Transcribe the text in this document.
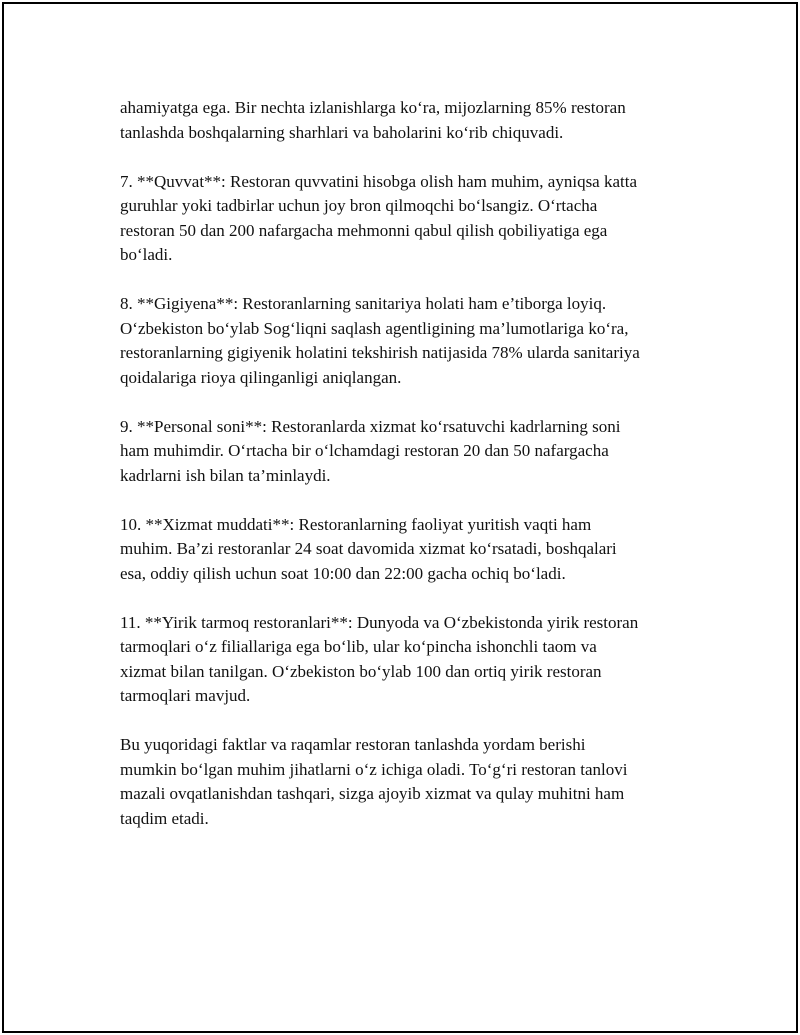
ahamiyatga ega. Bir nechta izlanishlarga ko‘ra, mijozlarning 85% restoran
tanlashda boshqalarning sharhlari va baholarini ko‘rib chiquvadi.

7. **Quvvat**: Restoran quvvatini hisobga olish ham muhim, ayniqsa katta
guruhlar yoki tadbirlar uchun joy bron qilmoqchi bo‘lsangiz. O‘rtacha
restoran 50 dan 200 nafargacha mehmonni qabul qilish qobiliyatiga ega
bo‘ladi.

8. **Gigiyena**: Restoranlarning sanitariya holati ham e’tiborga loyiq.
O‘zbekiston bo‘ylab Sog‘liqni saqlash agentligining ma’lumotlariga ko‘ra,
restoranlarning gigiyenik holatini tekshirish natijasida 78% ularda sanitariya
qoidalariga rioya qilinganligi aniqlangan.

9. **Personal soni**: Restoranlarda xizmat ko‘rsatuvchi kadrlarning soni
ham muhimdir. O‘rtacha bir o‘lchamdagi restoran 20 dan 50 nafargacha
kadrlarni ish bilan ta’minlaydi.

10. **Xizmat muddati**: Restoranlarning faoliyat yuritish vaqti ham
muhim. Ba’zi restoranlar 24 soat davomida xizmat ko‘rsatadi, boshqalari
esa, oddiy qilish uchun soat 10:00 dan 22:00 gacha ochiq bo‘ladi.

11. **Yirik tarmoq restoranlari**: Dunyoda va O‘zbekistonda yirik restoran
tarmoqlari o‘z filiallariga ega bo‘lib, ular ko‘pincha ishonchli taom va
xizmat bilan tanilgan. O‘zbekiston bo‘ylab 100 dan ortiq yirik restoran
tarmoqlari mavjud.

Bu yuqoridagi faktlar va raqamlar restoran tanlashda yordam berishi
mumkin bo‘lgan muhim jihatlarni o‘z ichiga oladi. To‘g‘ri restoran tanlovi
mazali ovqatlanishdan tashqari, sizga ajoyib xizmat va qulay muhitni ham
taqdim etadi.
